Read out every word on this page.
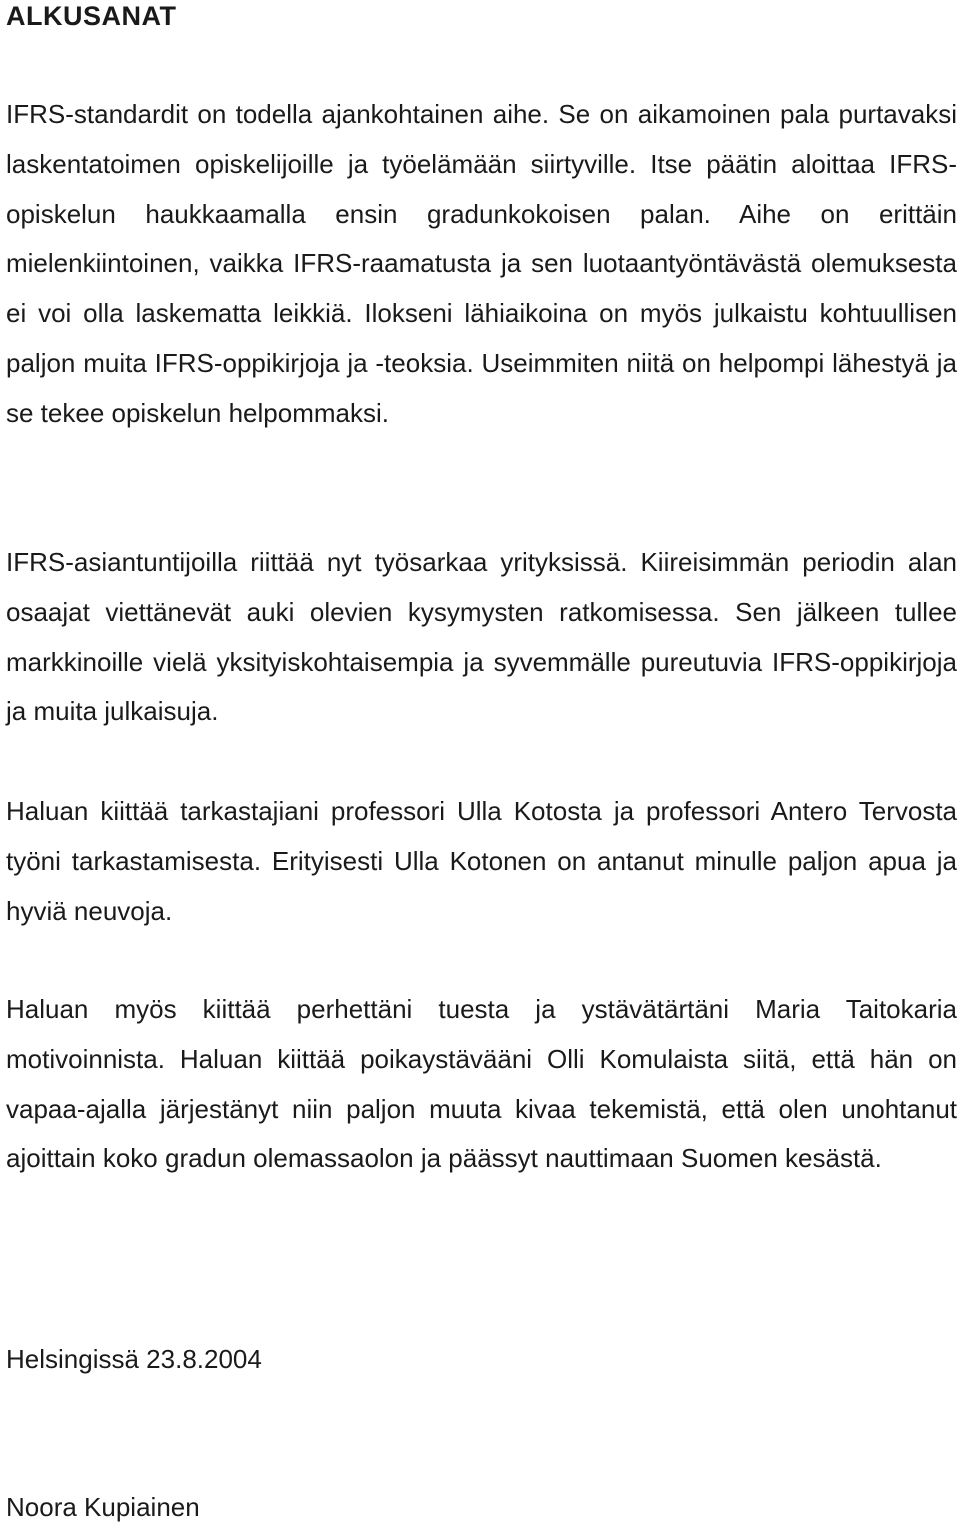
ALKUSANAT

IFRS-standardit on todella ajankohtainen aihe. Se on aikamoinen pala purtavaksi laskentatoimen opiskelijoille ja työelämään siirtyville. Itse päätin aloittaa IFRS-opiskelun haukkaamalla ensin gradunkokoisen palan. Aihe on erittäin mielenkiintoinen, vaikka IFRS-raamatusta ja sen luotaantyöntävästä olemuksesta ei voi olla laskematta leikkiä. Ilokseni lähiaikoina on myös julkaistu kohtuullisen paljon muita IFRS-oppikirjoja ja -teoksia. Useimmiten niitä on helpompi lähestyä ja se tekee opiskelun helpommaksi.

IFRS-asiantuntijoilla riittää nyt työsarkaa yrityksissä. Kiireisimmän periodin alan osaajat viettänevät auki olevien kysymysten ratkomisessa. Sen jälkeen tullee markkinoille vielä yksityiskohtaisempia ja syvemmälle pureutuvia IFRS-oppikirjoja ja muita julkaisuja.

Haluan kiittää tarkastajiani professori Ulla Kotosta ja professori Antero Tervosta työni tarkastamisesta. Erityisesti Ulla Kotonen on antanut minulle paljon apua ja hyviä neuvoja.

Haluan myös kiittää perhettäni tuesta ja ystävätärtäni Maria Taitokaria motivoinnista. Haluan kiittää poikaystävääni Olli Komulaista siitä, että hän on vapaa-ajalla järjestänyt niin paljon muuta kivaa tekemistä, että olen unohtanut ajoittain koko gradun olemassaolon ja päässyt nauttimaan Suomen kesästä.

Helsingissä 23.8.2004

Noora Kupiainen
